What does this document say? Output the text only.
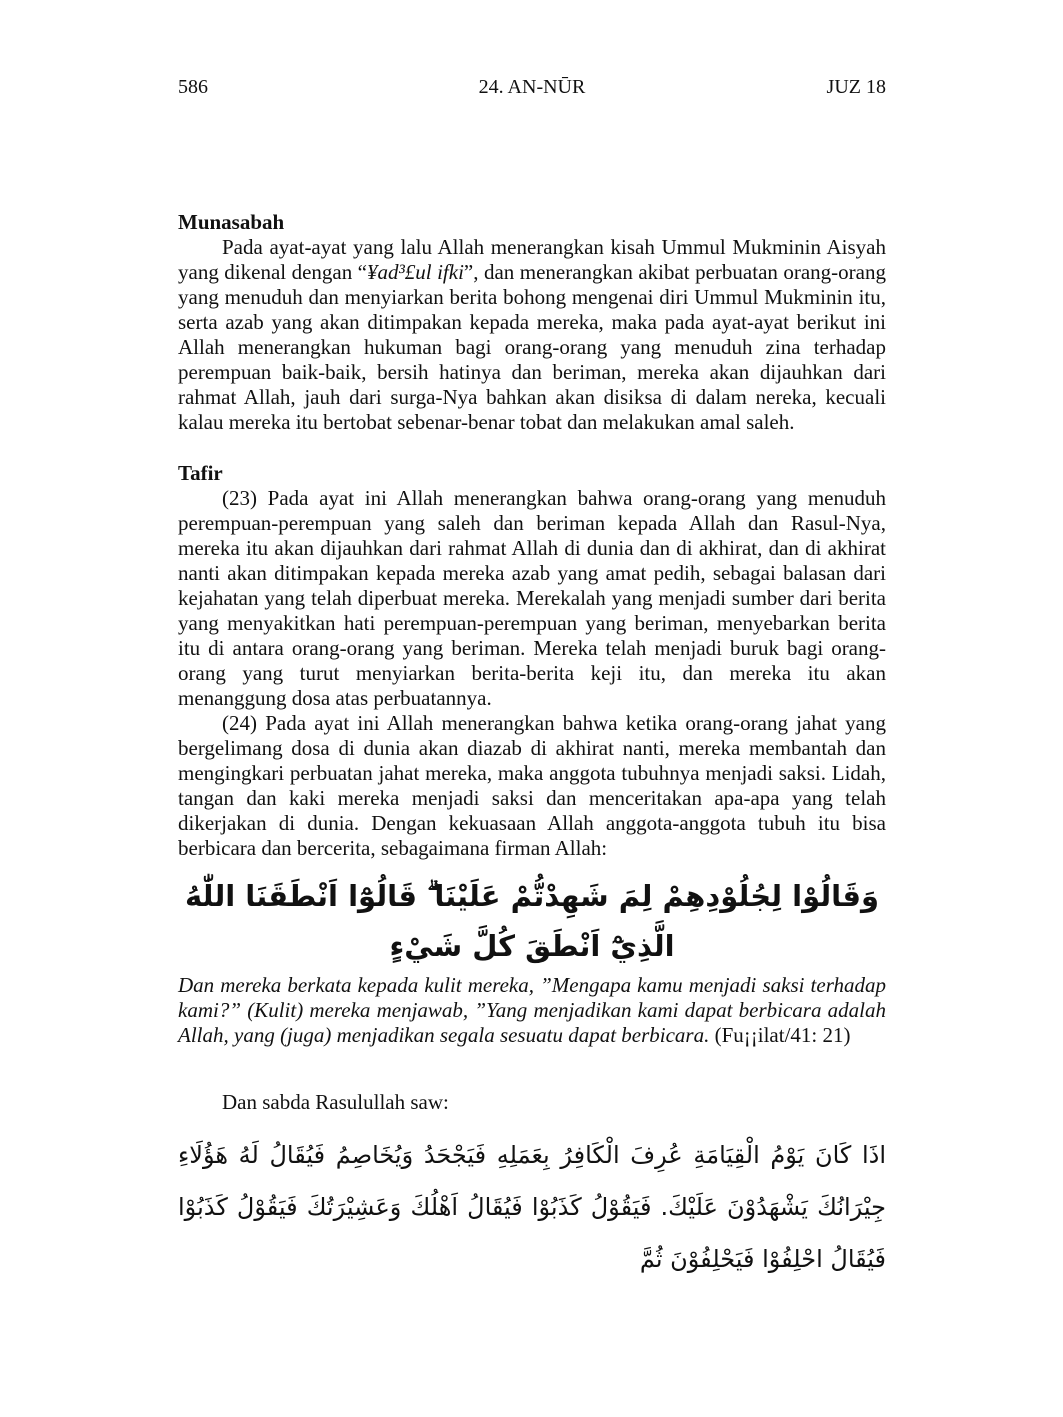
586	24. AN-NŪR	JUZ 18
Munasabah

Pada ayat-ayat yang lalu Allah menerangkan kisah Ummul Mukminin Aisyah yang dikenal dengan “¥ad³£ul ifki”, dan menerangkan akibat perbuatan orang-orang yang menuduh dan menyiarkan berita bohong mengenai diri Ummul Mukminin itu, serta azab yang akan ditimpakan kepada mereka, maka pada ayat-ayat berikut ini Allah menerangkan hukuman bagi orang-orang yang menuduh zina terhadap perempuan baik-baik, bersih hatinya dan beriman, mereka akan dijauhkan dari rahmat Allah, jauh dari surga-Nya bahkan akan disiksa di dalam nereka, kecuali kalau mereka itu bertobat sebenar-benar tobat dan melakukan amal saleh.

Tafir

(23) Pada ayat ini Allah menerangkan bahwa orang-orang yang menuduh perempuan-perempuan yang saleh dan beriman kepada Allah dan Rasul-Nya, mereka itu akan dijauhkan dari rahmat Allah di dunia dan di akhirat, dan di akhirat nanti akan ditimpakan kepada mereka azab yang amat pedih, sebagai balasan dari kejahatan yang telah diperbuat mereka. Merekalah yang menjadi sumber dari berita yang menyakitkan hati perempuan-perempuan yang beriman, menyebarkan berita itu di antara orang-orang yang beriman. Mereka telah menjadi buruk bagi orang-orang yang turut menyiarkan berita-berita keji itu, dan mereka itu akan menanggung dosa atas perbuatannya.

(24) Pada ayat ini Allah menerangkan bahwa ketika orang-orang jahat yang bergelimang dosa di dunia akan diazab di akhirat nanti, mereka membantah dan mengingkari perbuatan jahat mereka, maka anggota tubuhnya menjadi saksi. Lidah, tangan dan kaki mereka menjadi saksi dan menceritakan apa-apa yang telah dikerjakan di dunia. Dengan kekuasaan Allah anggota-anggota tubuh itu bisa berbicara dan bercerita, sebagaimana firman Allah:

وَقَالُوْا لِجُلُوْدِهِمْ لِمَ شَهِدْتُّمْ عَلَيْنَا ۗ قَالُوْٓا اَنْطَقَنَا اللّٰهُ الَّذِيْٓ اَنْطَقَ كُلَّ شَيْءٍ

Dan mereka berkata kepada kulit mereka, ”Mengapa kamu menjadi saksi terhadap kami?” (Kulit) mereka menjawab, ”Yang menjadikan kami dapat berbicara adalah Allah, yang (juga) menjadikan segala sesuatu dapat berbicara. (Fu¡¡ilat/41: 21)

Dan sabda Rasulullah saw:

اذَا كَانَ يَوْمُ الْقِيَامَةِ عُرِفَ الْكَافِرُ بِعَمَلِهِ فَيَجْحَدُ وَيُخَاصِمُ فَيُقَالُ لَهُ هَؤُلَاءِ جِيْرَانُكَ يَشْهَدُوْنَ عَلَيْكَ. فَيَقُوْلُ كَذَبُوْا فَيُقَالُ اَهْلُكَ وَعَشِيْرَتُكَ فَيَقُوْلُ كَذَبُوْا فَيُقَالُ احْلِفُوْا فَيَحْلِفُوْنَ ثُمَّ
